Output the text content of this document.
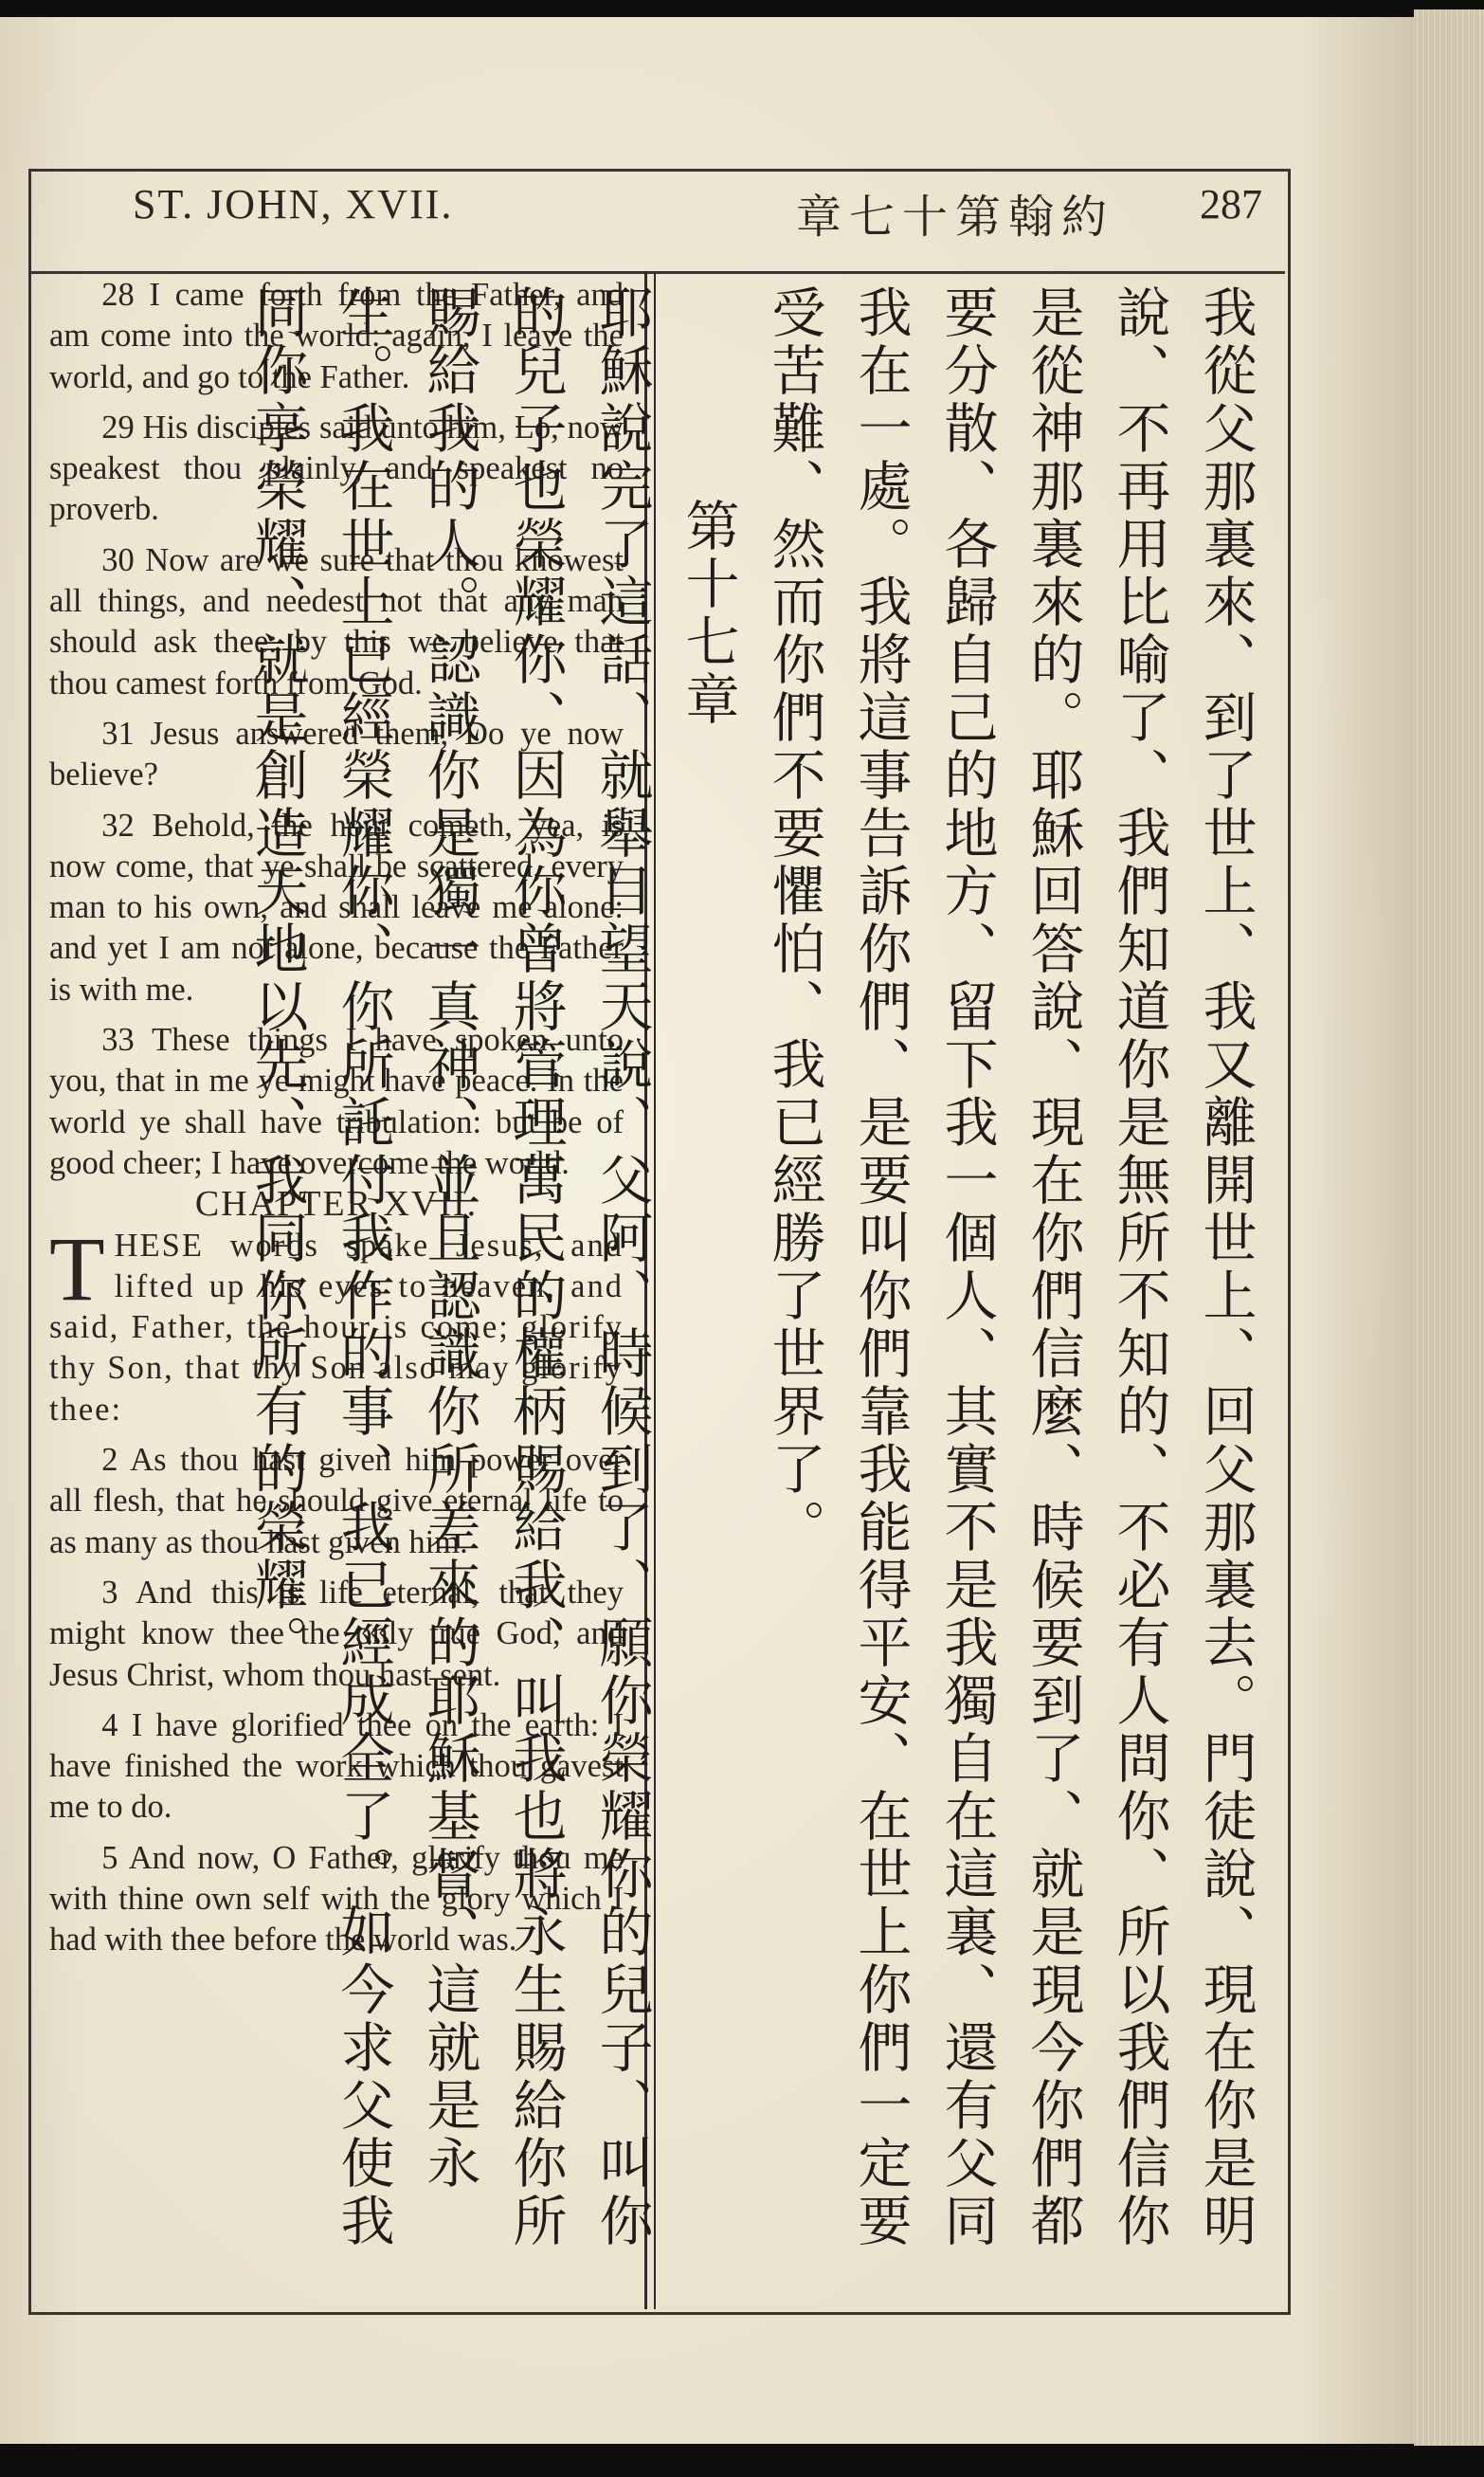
ST. JOHN, XVII.	章七十第翰約 287

28 I came forth from the Father, and am come into the world: again, I leave the world, and go to the Father.

29 His disciples said unto him, Lo, now speakest thou plainly, and speakest no proverb.

30 Now are we sure that thou knowest all things, and needest not that any man should ask thee: by this we believe that thou camest forth from God.

31 Jesus answered them, Do ye now believe?

32 Behold, the hour cometh, yea, is now come, that ye shall be scattered, every man to his own, and shall leave me alone: and yet I am not alone, because the Father is with me.

33 These things I have spoken unto you, that in me ye might have peace. In the world ye shall have tribulation: but be of good cheer; I have overcome the world.

CHAPTER XVII.

THESE words spake Jesus, and lifted up his eyes to heaven, and said, Father, the hour is come; glorify thy Son, that thy Son also may glorify thee:

2 As thou hast given him power over all flesh, that he should give eternal life to as many as thou hast given him.

3 And this is life eternal, that they might know thee the only true God, and Jesus Christ, whom thou hast sent.

4 I have glorified thee on the earth: I have finished the work which thou gavest me to do.

5 And now, O Father, glorify thou me with thine own self with the glory which I had with thee before the world was.	我從父那裏來、到了世上、我又離開世上、回父那裏去。門徒說、現在你是明說、不再用比喻了、我們知道你是無所不知的、不必有人問你、所以我們信你是從神那裏來的。耶穌回答說、現在你們信麼、時候要到了、就是現今你們都要分散、各歸自己的地方、留下我一個人、其實不是我獨自在這裏、還有父同我在一處。我將這事告訴你們、是要叫你們靠我能得平安、在世上你們一定要受苦難、然而你們不要懼怕、我已經勝了世界了。

第十七章

耶穌說完了這話、就舉目望天說、父阿、時候到了、願你榮耀你的兒子、叫你的兒子也榮耀你、因為你曾將管理萬民的權柄賜給我、叫我也將永生賜給你所賜給我的人。認識你是獨一真神、並且認識你所差來的耶穌基督、這就是永生。我在世上已經榮耀你、你所託付我作的事、我已經成全了。如今求父使我同你享榮耀、就是創造天地以先、我同你所有的榮耀。
